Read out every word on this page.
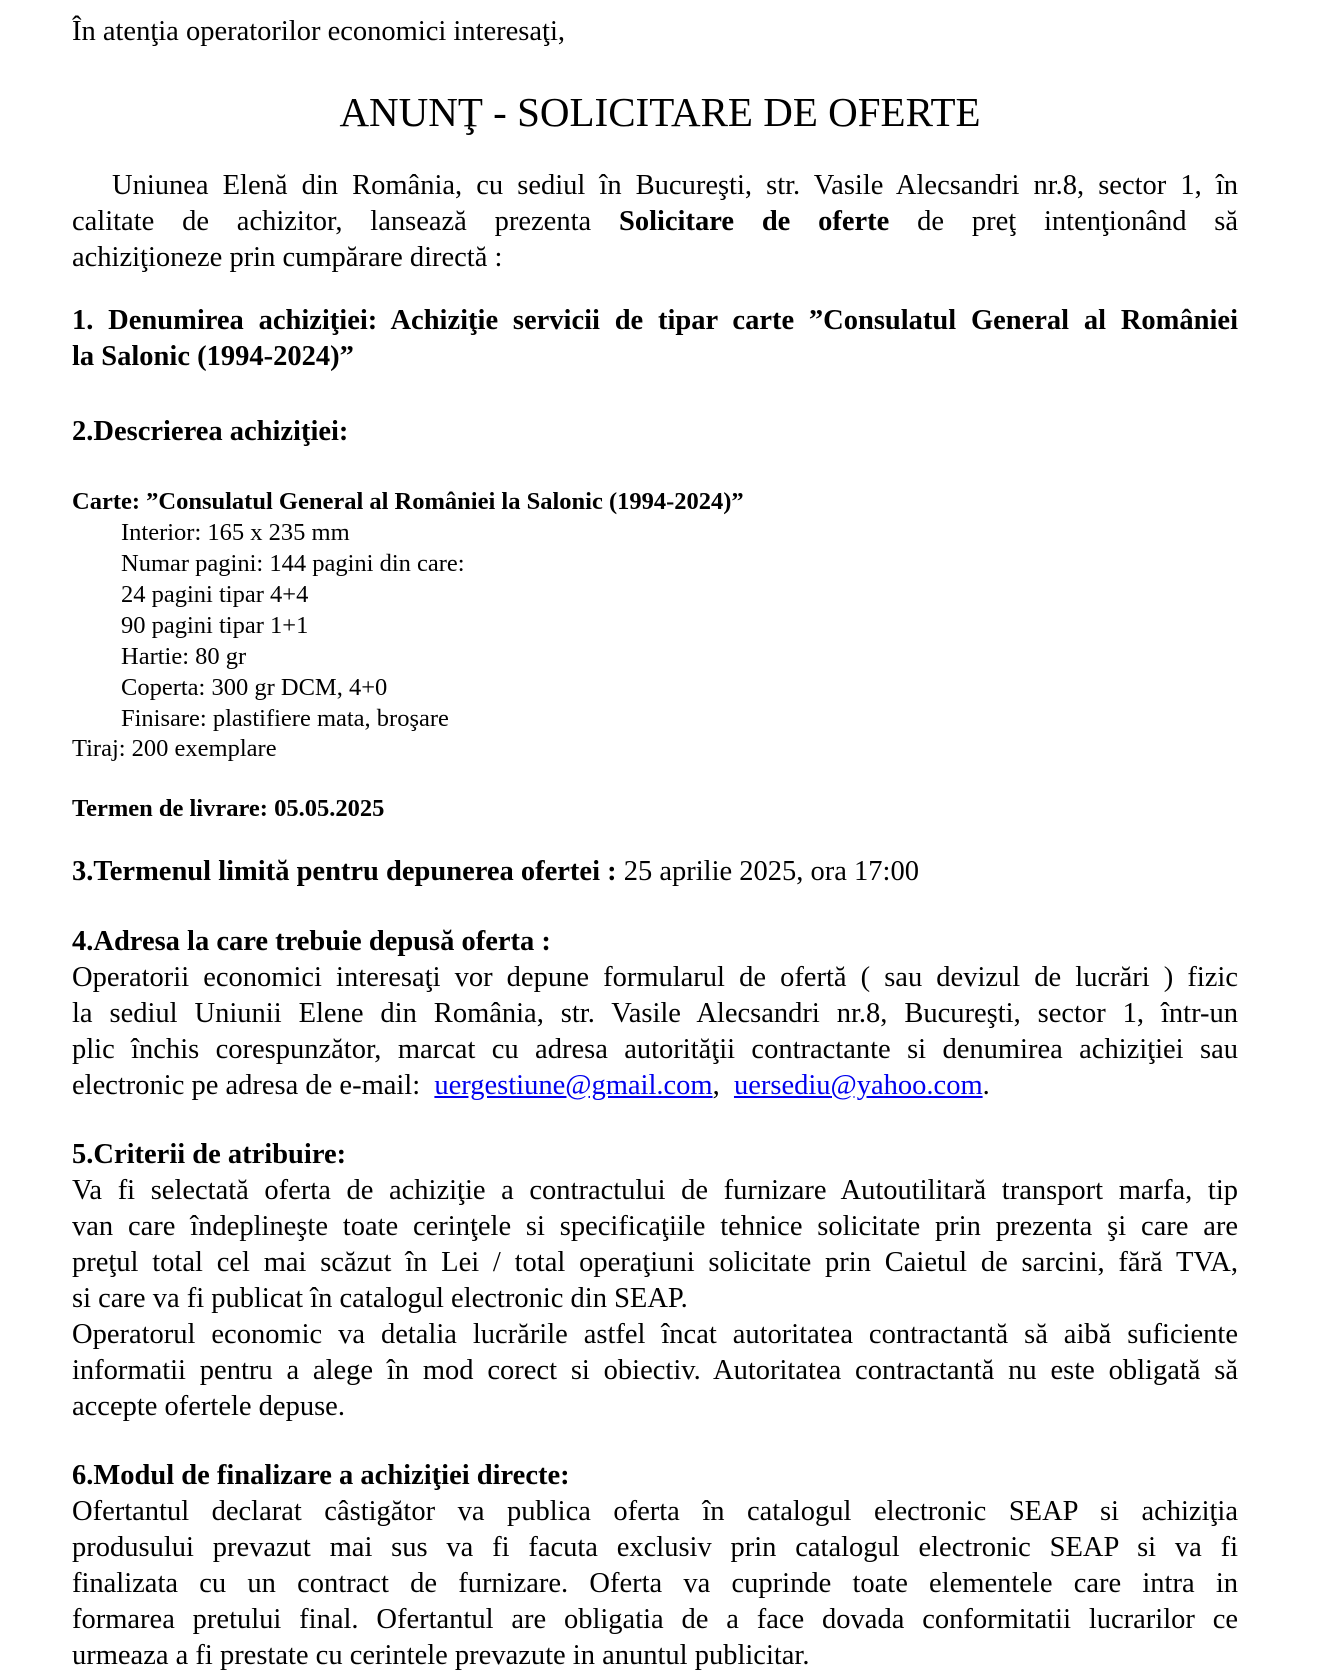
În atenţia operatorilor economici interesaţi,

ANUNŢ - SOLICITARE DE OFERTE

Uniunea Elenă din România, cu sediul în Bucureşti, str. Vasile Alecsandri nr.8, sector 1, în

calitate de achizitor, lansează prezenta Solicitare de oferte de preţ intenţionând să

achiziţioneze prin cumpărare directă :

1. Denumirea achiziţiei: Achiziţie servicii de tipar carte ”Consulatul General al României

la Salonic (1994-2024)”

2.Descrierea achiziţiei:

Carte: ”Consulatul General al României la Salonic (1994-2024)”

Interior: 165 x 235 mm
Numar pagini: 144 pagini din care:
24 pagini tipar 4+4
90 pagini tipar 1+1
Hartie: 80 gr
Coperta: 300 gr DCM, 4+0
Finisare: plastifiere mata, broşare

Tiraj: 200 exemplare

Termen de livrare: 05.05.2025

3.Termenul limită pentru depunerea ofertei : 25 aprilie 2025, ora 17:00

4.Adresa la care trebuie depusă oferta :

Operatorii economici interesaţi vor depune formularul de ofertă ( sau devizul de lucrări ) fizic

la sediul Uniunii Elene din România, str. Vasile Alecsandri nr.8, Bucureşti, sector 1, într-un

plic închis corespunzător, marcat cu adresa autorităţii contractante si denumirea achiziţiei sau

electronic pe adresa de e-mail: uergestiune@gmail.com,  uersediu@yahoo.com.

5.Criterii de atribuire:

Va fi selectată oferta de achiziţie a contractului de furnizare Autoutilitară transport marfa, tip

van care îndeplineşte toate cerinţele si specificaţiile tehnice solicitate prin prezenta şi care are

preţul total cel mai scăzut în Lei / total operaţiuni solicitate prin Caietul de sarcini, fără TVA,

si care va fi publicat în catalogul electronic din SEAP.

Operatorul economic va detalia lucrările astfel încat autoritatea contractantă să aibă suficiente

informatii pentru a alege în mod corect si obiectiv. Autoritatea contractantă nu este obligată să

accepte ofertele depuse.

6.Modul de finalizare a achiziţiei directe:

Ofertantul declarat câstigător va publica oferta în catalogul electronic SEAP si achiziţia

produsului prevazut mai sus va fi facuta exclusiv prin catalogul electronic SEAP si va fi

finalizata cu un contract de furnizare. Oferta va cuprinde toate elementele care intra in

formarea pretului final. Ofertantul are obligatia de a face dovada conformitatii lucrarilor ce

urmeaza a fi prestate cu cerintele prevazute in anuntul publicitar.
